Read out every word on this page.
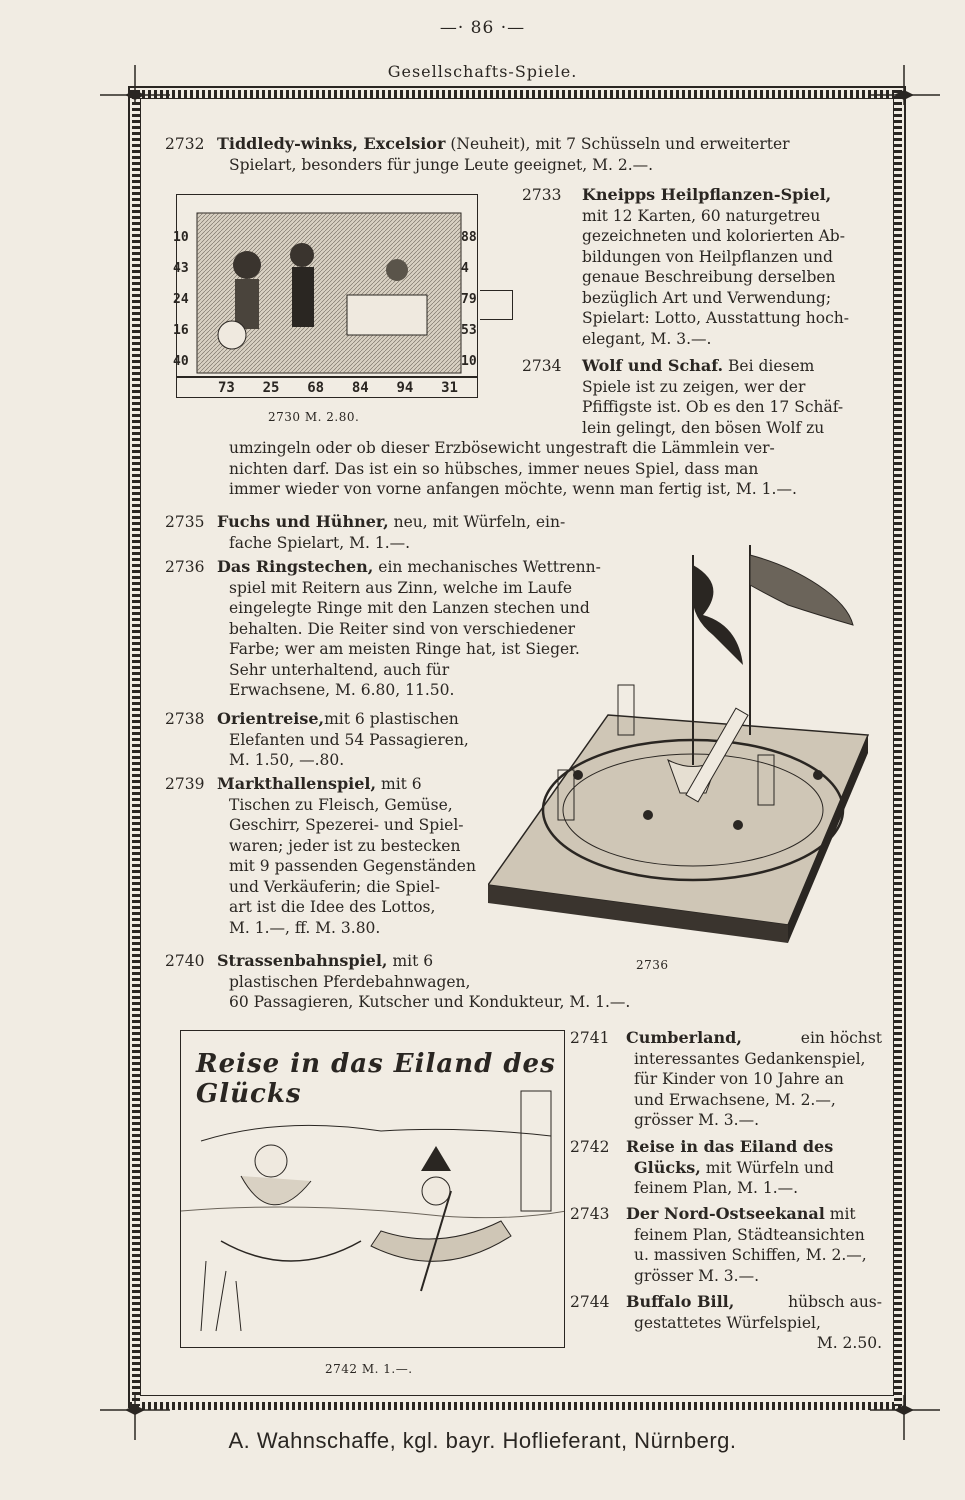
—· 86 ·—
Gesellschafts-Spiele.
2732 Tiddledy-winks, Excelsior (Neuheit), mit 7 Schüsseln und erweiterter
Spielart, besonders für junge Leute geeignet, M. 2.—.
10
43
24
16
40
88
4
79
53
10
73 25 68 84 94 31
2730 M. 2.80.
2733	Kneipps Heilpflanzen-Spiel,
mit 12 Karten, 60 naturgetreu
gezeichneten und kolorierten Ab-
bildungen von Heilpflanzen und
genaue Beschreibung derselben
bezüglich Art und Verwendung;
Spielart: Lotto, Ausstattung hoch-
elegant, M. 3.—.
2734 Wolf und Schaf. Bei diesem
Spiele ist zu zeigen, wer der
Pfiffigste ist. Ob es den 17 Schäf-
lein gelingt, den bösen Wolf zu
umzingeln oder ob dieser Erzbösewicht ungestraft die Lämmlein ver-
nichten darf. Das ist ein so hübsches, immer neues Spiel, dass man
immer wieder von vorne anfangen möchte, wenn man fertig ist, M. 1.—.
2735 Fuchs und Hühner, neu, mit Würfeln, ein-
fache Spielart, M. 1.—.
2736 Das Ringstechen, ein mechanisches Wettrenn-
spiel mit Reitern aus Zinn, welche im Laufe
eingelegte Ringe mit den Lanzen stechen und
behalten. Die Reiter sind von verschiedener
Farbe; wer am meisten Ringe hat, ist Sieger.
Sehr unterhaltend, auch für
Erwachsene, M. 6.80, 11.50.
2738 Orientreise,mit 6 plastischen
Elefanten und 54 Passagieren,
M. 1.50, —.80.
2739 Markthallenspiel, mit 6
Tischen zu Fleisch, Gemüse,
Geschirr, Spezerei- und Spiel-
waren; jeder ist zu bestecken
mit 9 passenden Gegenständen
und Verkäuferin; die Spiel-
art ist die Idee des Lottos,
M. 1.—, ff. M. 3.80.
2736
2740 Strassenbahnspiel, mit 6
plastischen Pferdebahnwagen,
60 Passagieren, Kutscher und Kondukteur, M. 1.—.
Reise in das Eiland des Glücks
2742 M. 1.—.
2741 Cumberland,	ein höchst
interessantes Gedankenspiel,
für Kinder von 10 Jahre an
und Erwachsene, M. 2.—,
grösser M. 3.—.
2742 Reise in das Eiland des
Glücks, mit Würfeln und
feinem Plan, M. 1.—.
2743 Der Nord-Ostseekanal mit
feinem Plan, Städteansichten
u. massiven Schiffen, M. 2.—,
grösser M. 3.—.
2744 Buffalo Bill,	hübsch aus-
gestattetes Würfelspiel,
M. 2.50.
A. Wahnschaffe, kgl. bayr. Hoflieferant, Nürnberg.
